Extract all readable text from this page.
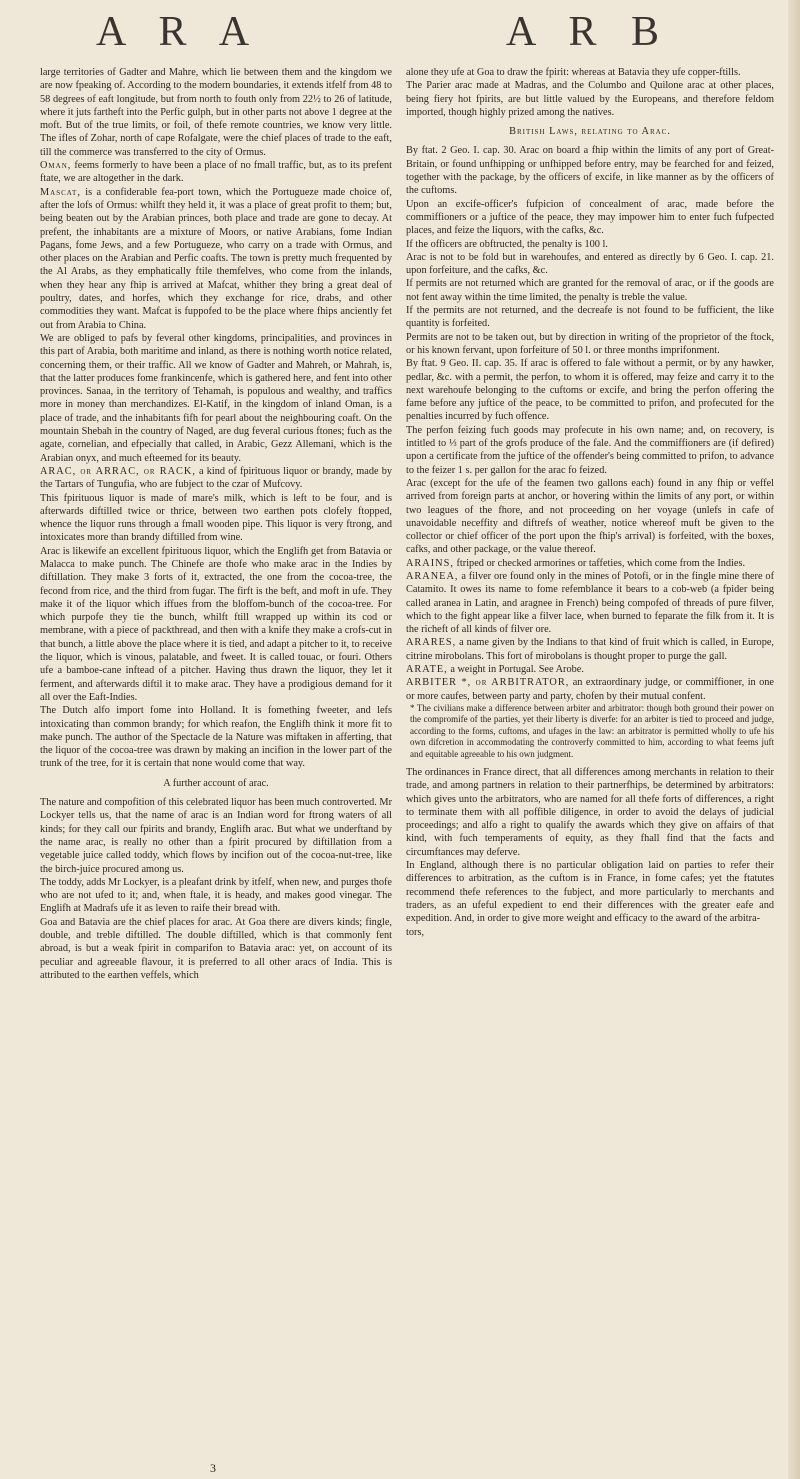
A R A	A R B

large territories of Gadter and Mahre, which lie between them and the kingdom we are now fpeaking of. According to the modern boundaries, it extends itfelf from 48 to 58 degrees of eaft longitude, but from north to fouth only from 22½ to 26 of latitude, where it juts fartheft into the Perfic gulph, but in other parts not above 1 degree at the moft. But of the true limits, or foil, of thefe remote countries, we know very little. The ifles of Zohar, north of cape Rofalgate, were the chief places of trade to the eaft, till the commerce was transferred to the city of Ormus.

Oman, feems formerly to have been a place of no fmall traffic, but, as to its prefent ftate, we are altogether in the dark.

Mascat, is a confiderable fea-port town, which the Portugueze made choice of, after the lofs of Ormus: whilft they held it, it was a place of great profit to them; but, being beaten out by the Arabian princes, both place and trade are gone to decay. At prefent, the inhabitants are a mixture of Moors, or native Arabians, fome Indian Pagans, fome Jews, and a few Portugueze, who carry on a trade with Ormus, and other places on the Arabian and Perfic coafts. The town is pretty much frequented by the Al Arabs, as they emphatically ftile themfelves, who come from the inlands, when they hear any fhip is arrived at Mafcat, whither they bring a great deal of poultry, dates, and horfes, which they exchange for rice, drabs, and other commodities they want. Mafcat is fuppofed to be the place where fhips anciently fet out from Arabia to China.

We are obliged to pafs by feveral other kingdoms, principalities, and provinces in this part of Arabia, both maritime and inland, as there is nothing worth notice related, concerning them, or their traffic. All we know of Gadter and Mahreh, or Mahrah, is, that the latter produces fome frankincenfe, which is gathered here, and fent into other provinces. Sanaa, in the territory of Tehamah, is populous and wealthy, and traffics more in money than merchandizes. El-Katif, in the kingdom of inland Oman, is a place of trade, and the inhabitants fifh for pearl about the neighbouring coaft. On the mountain Shebah in the country of Naged, are dug feveral curious ftones; fuch as the agate, cornelian, and efpecially that called, in Arabic, Gezz Allemani, which is the Arabian onyx, and much efteemed for its beauty.

ARAC, or ARRAC, or RACK, a kind of fpirituous liquor or brandy, made by the Tartars of Tungufia, who are fubject to the czar of Mufcovy.

This fpirituous liquor is made of mare's milk, which is left to be four, and is afterwards diftilled twice or thrice, between two earthen pots clofely ftopped, whence the liquor runs through a fmall wooden pipe. This liquor is very ftrong, and intoxicates more than brandy diftilled from wine.

Arac is likewife an excellent fpirituous liquor, which the Englifh get from Batavia or Malacca to make punch. The Chinefe are thofe who make arac in the Indies by diftillation. They make 3 forts of it, extracted, the one from the cocoa-tree, the fecond from rice, and the third from fugar. The firft is the beft, and moft in ufe. They make it of the liquor which iffues from the bloffom-bunch of the cocoa-tree. For which purpofe they tie the bunch, whilft ftill wrapped up within its cod or membrane, with a piece of packthread, and then with a knife they make a crofs-cut in that bunch, a little above the place where it is tied, and adapt a pitcher to it, to receive the liquor, which is vinous, palatable, and fweet. It is called touac, or fouri. Others ufe a bamboe-cane inftead of a pitcher. Having thus drawn the liquor, they let it ferment, and afterwards diftil it to make arac. They have a prodigious demand for it all over the Eaft-Indies.

The Dutch alfo import fome into Holland. It is fomething fweeter, and lefs intoxicating than common brandy; for which reafon, the Englifh think it more fit to make punch. The author of the Spectacle de la Nature was miftaken in afferting, that the liquor of the cocoa-tree was drawn by making an incifion in the lower part of the trunk of the tree, for it is certain that none would come that way.

A further account of arac.

The nature and compofition of this celebrated liquor has been much controverted. Mr Lockyer tells us, that the name of arac is an Indian word for ftrong waters of all kinds; for they call our fpirits and brandy, Englifh arac. But what we underftand by the name arac, is really no other than a fpirit procured by diftillation from a vegetable juice called toddy, which flows by incifion out of the cocoa-nut-tree, like the birch-juice procured among us.

The toddy, adds Mr Lockyer, is a pleafant drink by itfelf, when new, and purges thofe who are not ufed to it; and, when ftale, it is heady, and makes good vinegar. The Englifh at Madrafs ufe it as leven to raife their bread with.

Goa and Batavia are the chief places for arac. At Goa there are divers kinds; fingle, double, and treble diftilled. The double diftilled, which is that commonly fent abroad, is but a weak fpirit in comparifon to Batavia arac: yet, on account of its peculiar and agreeable flavour, it is preferred to all other aracs of India. This is attributed to the earthen veffels, which

alone they ufe at Goa to draw the fpirit: whereas at Batavia they ufe copper-ftills.

The Parier arac made at Madras, and the Columbo and Quilone arac at other places, being fiery hot fpirits, are but little valued by the Europeans, and therefore feldom imported, though highly prized among the natives.

British Laws, relating to Arac.

By ftat. 2 Geo. I. cap. 30. Arac on board a fhip within the limits of any port of Great-Britain, or found unfhipping or unfhipped before entry, may be fearched for and feized, together with the package, by the officers of excife, in like manner as by the officers of the cuftoms.

Upon an excife-officer's fufpicion of concealment of arac, made before the commiffioners or a juftice of the peace, they may impower him to enter fuch fufpected places, and feize the liquors, with the cafks, &c.

If the officers are obftructed, the penalty is 100 l.

Arac is not to be fold but in warehoufes, and entered as directly by 6 Geo. I. cap. 21. upon forfeiture, and the cafks, &c.

If permits are not returned which are granted for the removal of arac, or if the goods are not fent away within the time limited, the penalty is treble the value.

If the permits are not returned, and the decreafe is not found to be fufficient, the like quantity is forfeited.

Permits are not to be taken out, but by direction in writing of the proprietor of the ftock, or his known fervant, upon forfeiture of 50 l. or three months imprifonment.

By ftat. 9 Geo. II. cap. 35. If arac is offered to fale without a permit, or by any hawker, pedlar, &c. with a permit, the perfon, to whom it is offered, may feize and carry it to the next warehoufe belonging to the cuftoms or excife, and bring the perfon offering the fame before any juftice of the peace, to be committed to prifon, and profecuted for the penalties incurred by fuch offence.

The perfon feizing fuch goods may profecute in his own name; and, on recovery, is intitled to ⅓ part of the grofs produce of the fale. And the commiffioners are (if defired) upon a certificate from the juftice of the offender's being committed to prifon, to advance to the feizer 1 s. per gallon for the arac fo feized.

Arac (except for the ufe of the feamen two gallons each) found in any fhip or veffel arrived from foreign parts at anchor, or hovering within the limits of any port, or within two leagues of the fhore, and not proceeding on her voyage (unlefs in cafe of unavoidable neceffity and diftrefs of weather, notice whereof muft be given to the collector or chief officer of the port upon the fhip's arrival) is forfeited, with the boxes, cafks, and other package, or the value thereof.

ARAINS, ftriped or checked armorines or taffeties, which come from the Indies.

ARANEA, a filver ore found only in the mines of Potofi, or in the fingle mine there of Catamito. It owes its name to fome refemblance it bears to a cob-web (a fpider being called aranea in Latin, and aragnee in French) being compofed of threads of pure filver, which to the fight appear like a filver lace, when burned to feparate the filk from it. It is the richeft of all kinds of filver ore.

ARARES, a name given by the Indians to that kind of fruit which is called, in Europe, citrine mirobolans. This fort of mirobolans is thought proper to purge the gall.

ARATE, a weight in Portugal. See Arobe.

ARBITER *, or ARBITRATOR, an extraordinary judge, or commiffioner, in one or more caufes, between party and party, chofen by their mutual confent.

* The civilians make a difference between arbiter and arbitrator: though both ground their power on the compromife of the parties, yet their liberty is diverfe: for an arbiter is tied to proceed and judge, according to the forms, cuftoms, and ufages in the law: an arbitrator is permitted wholly to ufe his own difcretion in accommodating the controverfy committed to him, according to what feems juft and equitable agreeable to his own judgment.

The ordinances in France direct, that all differences among merchants in relation to their trade, and among partners in relation to their partnerfhips, be determined by arbitrators: which gives unto the arbitrators, who are named for all thefe forts of differences, a right to terminate them with all poffible diligence, in order to avoid the delays of judicial proceedings; and alfo a right to qualify the awards which they give on affairs of that kind, with fuch temperaments of equity, as they fhall find that the facts and circumftances may deferve.

In England, although there is no particular obligation laid on parties to refer their differences to arbitration, as the cuftom is in France, in fome cafes; yet the ftatutes recommend thefe references to the fubject, and more particularly to merchants and traders, as an ufeful expedient to end their differences with the greater eafe and expedition. And, in order to give more weight and efficacy to the award of the arbitra-

tors,

3
